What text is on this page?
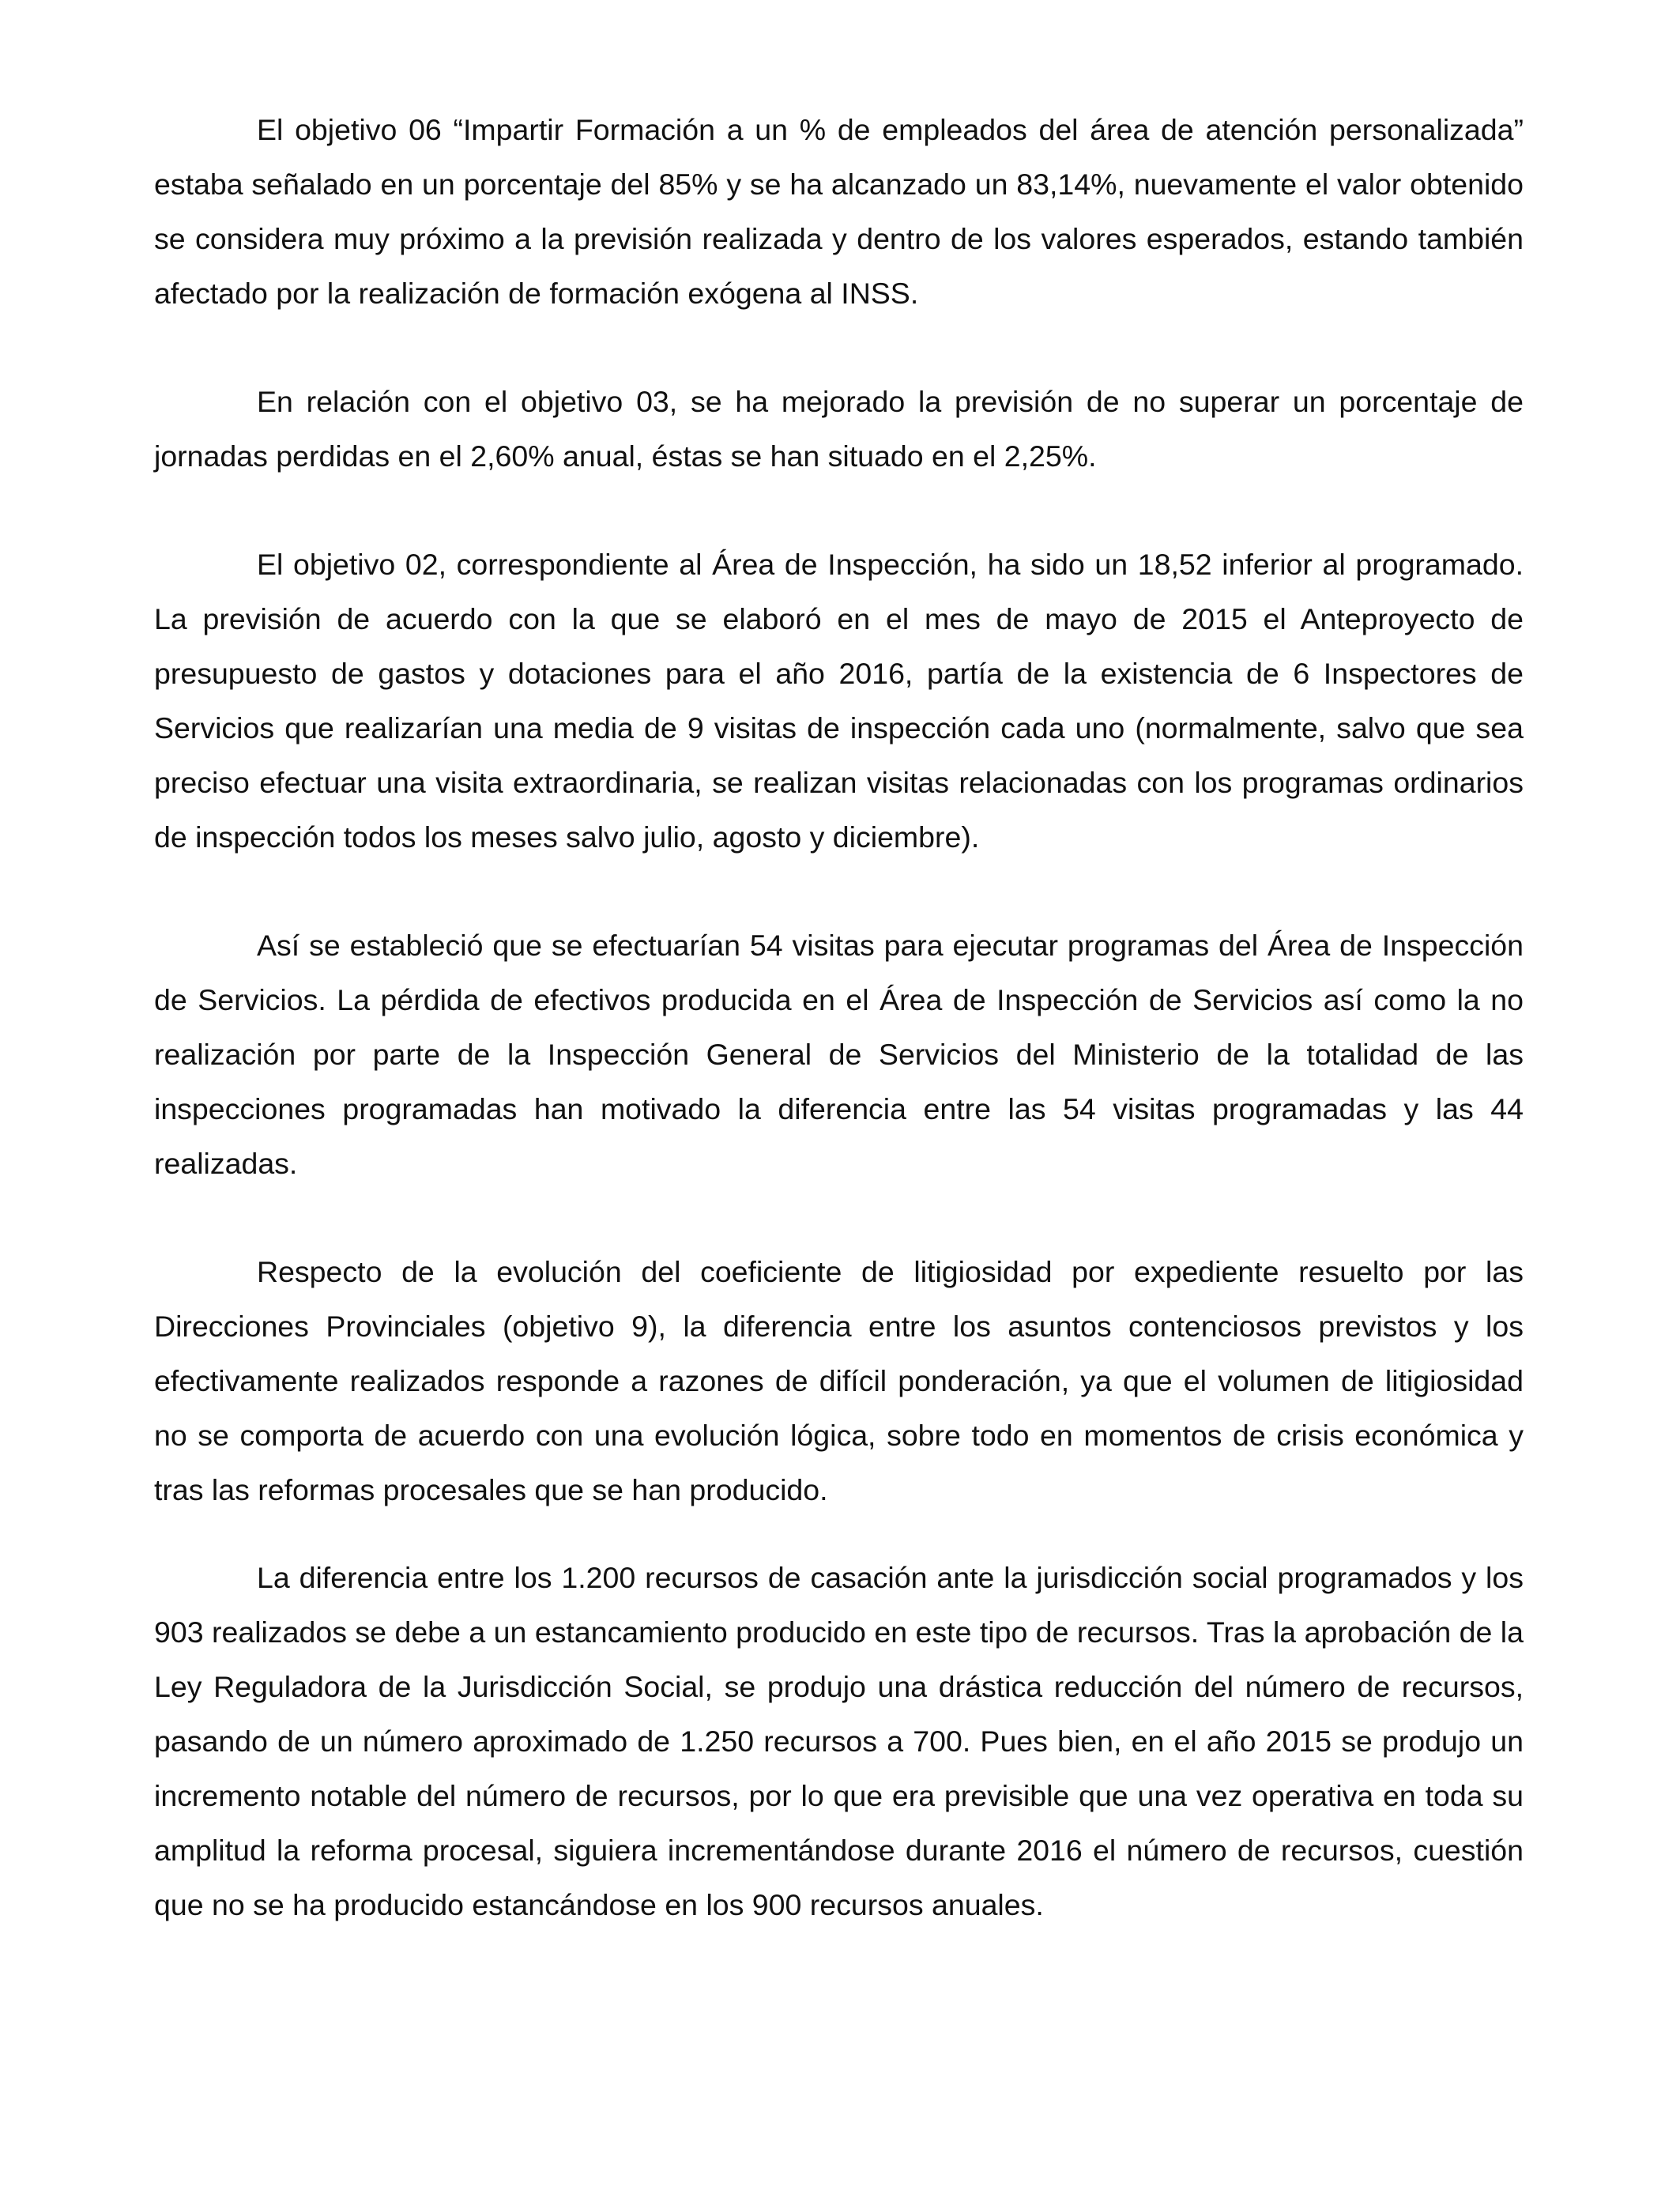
El objetivo 06 “Impartir Formación a un % de empleados del área de atención personalizada” estaba señalado en un porcentaje del 85% y se ha alcanzado un 83,14%, nuevamente el valor obtenido se considera muy próximo a la previsión realizada y dentro de los valores esperados, estando también afectado por la realización de formación exógena al INSS.

En relación con el objetivo 03, se ha mejorado la previsión de no superar un porcentaje de jornadas perdidas en el 2,60% anual, éstas se han situado en el 2,25%.

El objetivo 02, correspondiente al Área de Inspección, ha sido un 18,52 inferior al programado. La previsión de acuerdo con la que se elaboró en el mes de mayo de 2015 el Anteproyecto de presupuesto de gastos y dotaciones para el año 2016, partía de la existencia de 6 Inspectores de Servicios que realizarían una media de 9 visitas de inspección cada uno (normalmente, salvo que sea preciso efectuar una visita extraordinaria, se realizan visitas relacionadas con los programas ordinarios de inspección todos los meses salvo julio, agosto y diciembre).

Así se estableció que se efectuarían 54 visitas para ejecutar programas del Área de Inspección de Servicios. La pérdida de efectivos producida en el Área de Inspección de Servicios así como la no realización por parte de la Inspección General de Servicios del Ministerio de la totalidad de las inspecciones programadas han motivado la diferencia entre las 54 visitas programadas y las 44 realizadas.

Respecto de la evolución del coeficiente de litigiosidad por expediente resuelto por las Direcciones Provinciales (objetivo 9), la diferencia entre los asuntos contenciosos previstos y los efectivamente realizados responde a razones de difícil ponderación, ya que el volumen de litigiosidad no se comporta de acuerdo con una evolución lógica, sobre todo en momentos de crisis económica y tras las reformas procesales que se han producido.

La diferencia entre los 1.200 recursos de casación ante la jurisdicción social programados y los 903 realizados se debe a un estancamiento producido en este tipo de recursos. Tras la aprobación de la Ley Reguladora de la Jurisdicción Social, se produjo una drástica reducción del número de recursos, pasando de un número aproximado de 1.250 recursos a 700. Pues bien, en el año 2015 se produjo un incremento notable del número de recursos, por lo que era previsible que una vez operativa en toda su amplitud la reforma procesal, siguiera incrementándose durante 2016 el número de recursos, cuestión que no se ha producido estancándose en los 900 recursos anuales.
